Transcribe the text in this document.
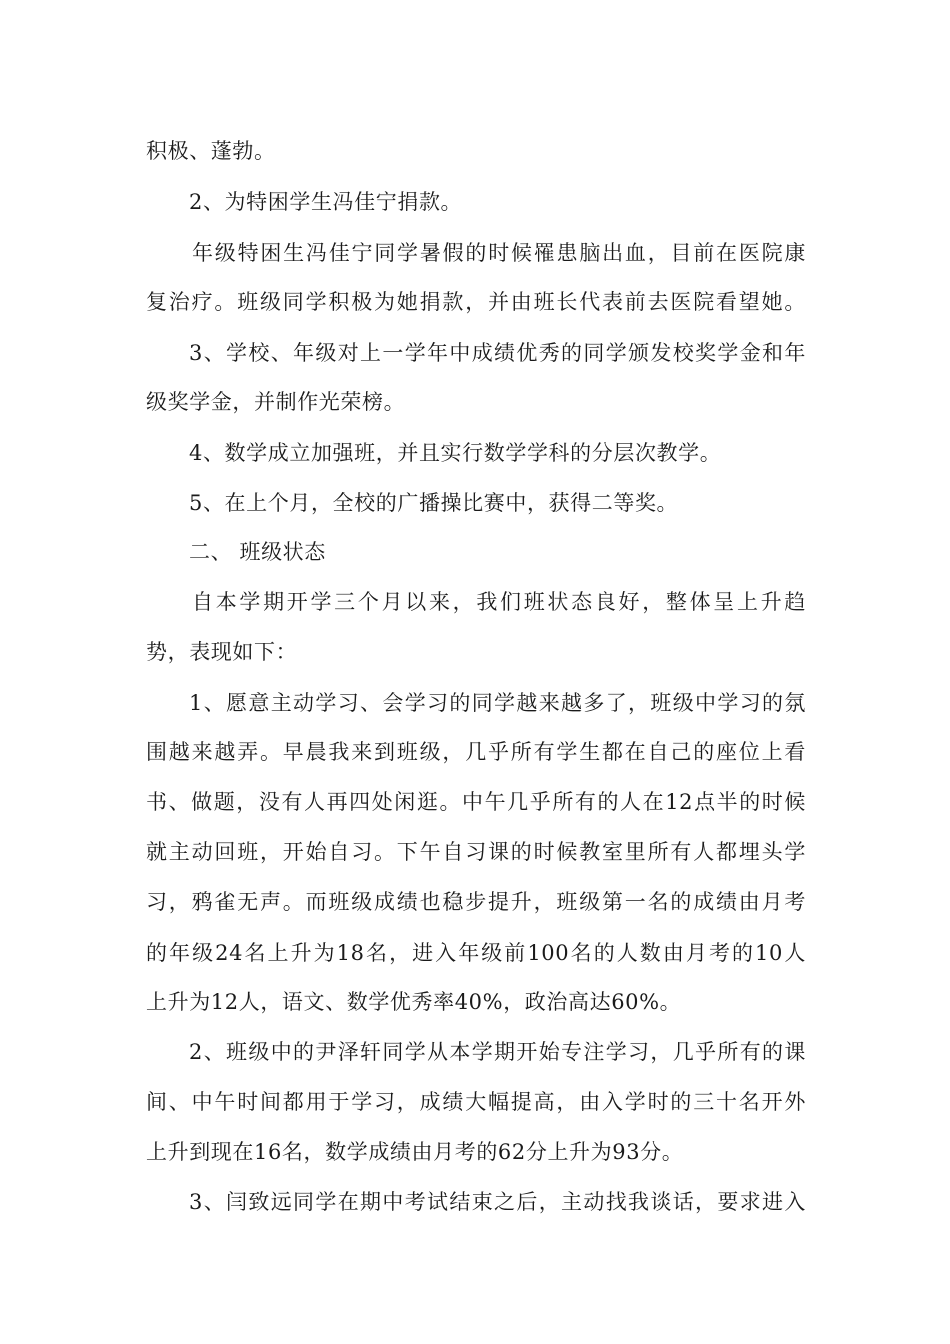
积极、蓬勃。
2、为特困学生冯佳宁捐款。
年级特困生冯佳宁同学暑假的时候罹患脑出血，目前在医院康
复治疗。班级同学积极为她捐款，并由班长代表前去医院看望她。
3、学校、年级对上一学年中成绩优秀的同学颁发校奖学金和年
级奖学金，并制作光荣榜。
4、数学成立加强班，并且实行数学学科的分层次教学。
5、在上个月，全校的广播操比赛中，获得二等奖。
二、 班级状态
自本学期开学三个月以来，我们班状态良好，整体呈上升趋
势，表现如下：
1、愿意主动学习、会学习的同学越来越多了，班级中学习的氛
围越来越弄。早晨我来到班级，几乎所有学生都在自己的座位上看
书、做题，没有人再四处闲逛。中午几乎所有的人在12点半的时候
就主动回班，开始自习。下午自习课的时候教室里所有人都埋头学
习，鸦雀无声。而班级成绩也稳步提升，班级第一名的成绩由月考
的年级24名上升为18名，进入年级前100名的人数由月考的10人
上升为12人，语文、数学优秀率40%，政治高达60%。
2、班级中的尹泽轩同学从本学期开始专注学习，几乎所有的课
间、中午时间都用于学习，成绩大幅提高，由入学时的三十名开外
上升到现在16名，数学成绩由月考的62分上升为93分。
3、闫致远同学在期中考试结束之后，主动找我谈话，要求进入
